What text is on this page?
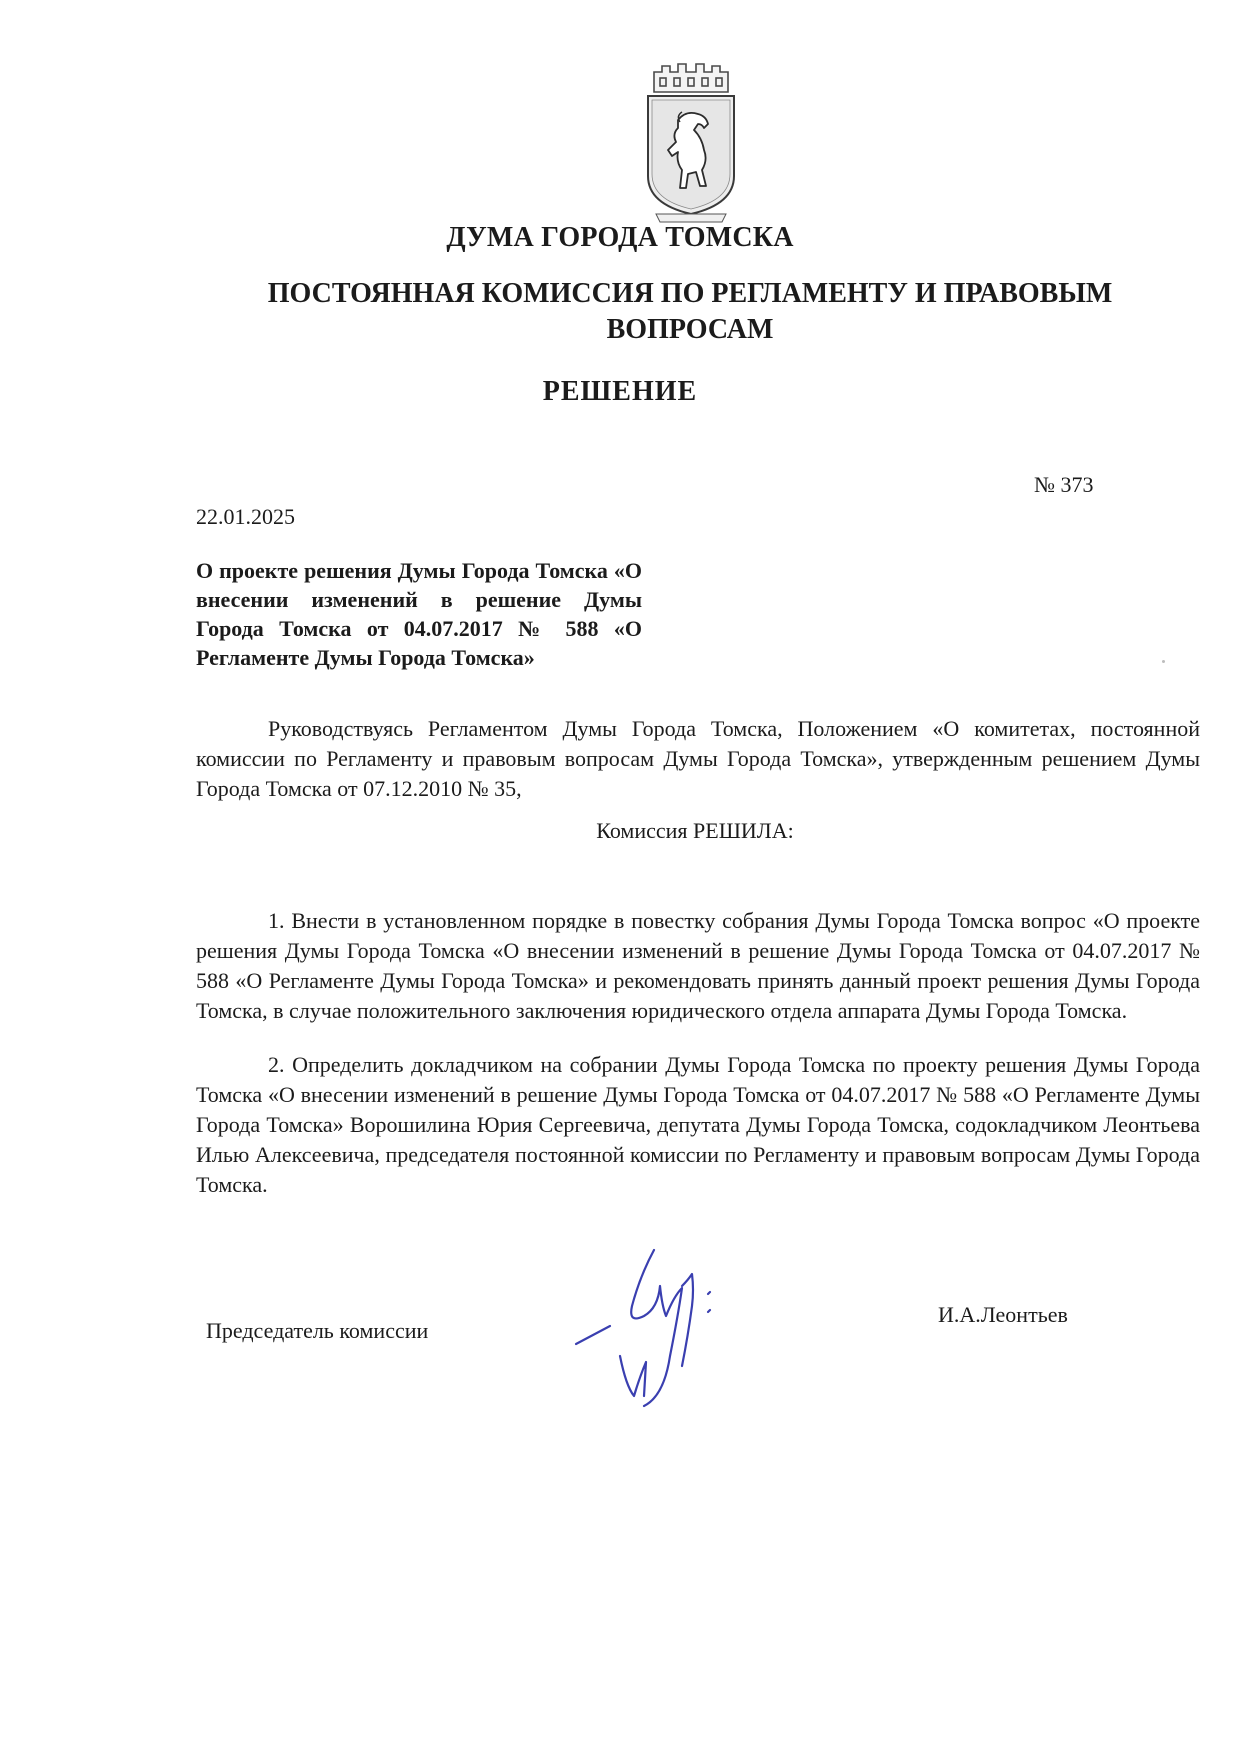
ДУМА ГОРОДА ТОМСКА
ПОСТОЯННАЯ КОМИССИЯ ПО РЕГЛАМЕНТУ И ПРАВОВЫМ ВОПРОСАМ
РЕШЕНИЕ
№ 373
22.01.2025
О проекте решения Думы Города Томска «О внесении изменений в решение Думы Города Томска от 04.07.2017 № 588 «О Регламенте Думы Города Томска»
Руководствуясь Регламентом Думы Города Томска, Положением «О комитетах, постоянной комиссии по Регламенту и правовым вопросам Думы Города Томска», утвержденным решением Думы Города Томска от 07.12.2010 № 35,
Комиссия РЕШИЛА:
1. Внести в установленном порядке в повестку собрания Думы Города Томска вопрос «О проекте решения Думы Города Томска «О внесении изменений в решение Думы Города Томска от 04.07.2017 № 588 «О Регламенте Думы Города Томска» и рекомендовать принять данный проект решения Думы Города Томска, в случае положительного заключения юридического отдела аппарата Думы Города Томска.
2. Определить докладчиком на собрании Думы Города Томска по проекту решения Думы Города Томска «О внесении изменений в решение Думы Города Томска от 04.07.2017 № 588 «О Регламенте Думы Города Томска» Ворошилина Юрия Сергеевича, депутата Думы Города Томска, содокладчиком Леонтьева Илью Алексеевича, председателя постоянной комиссии по Регламенту и правовым вопросам Думы Города Томска.
Председатель комиссии
И.А.Леонтьев
